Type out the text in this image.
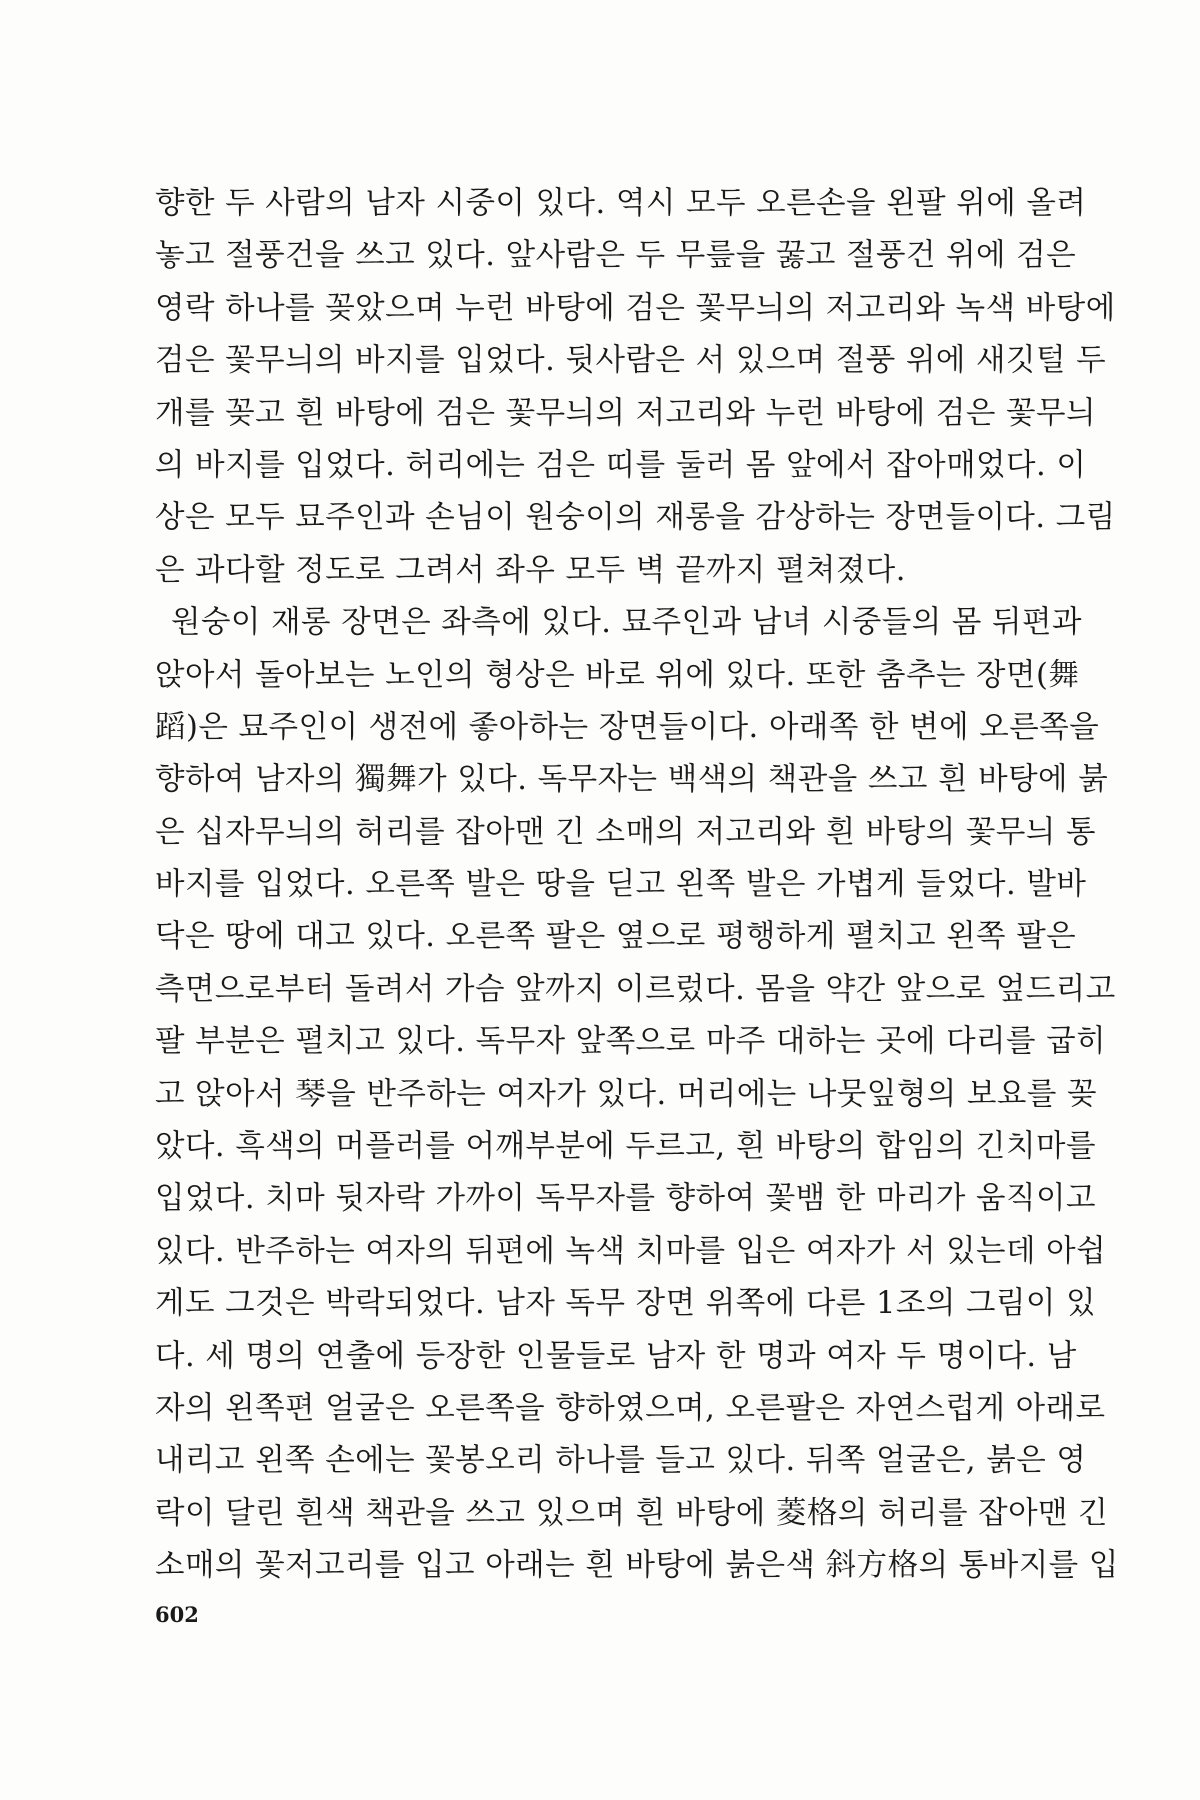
향한 두 사람의 남자 시중이 있다. 역시 모두 오른손을 왼팔 위에 올려
놓고 절풍건을 쓰고 있다. 앞사람은 두 무릎을 꿇고 절풍건 위에 검은
영락 하나를 꽂았으며 누런 바탕에 검은 꽃무늬의 저고리와 녹색 바탕에
검은 꽃무늬의 바지를 입었다. 뒷사람은 서 있으며 절풍 위에 새깃털 두
개를 꽂고 흰 바탕에 검은 꽃무늬의 저고리와 누런 바탕에 검은 꽃무늬
의 바지를 입었다. 허리에는 검은 띠를 둘러 몸 앞에서 잡아매었다. 이
상은 모두 묘주인과 손님이 원숭이의 재롱을 감상하는 장면들이다. 그림
은 과다할 정도로 그려서 좌우 모두 벽 끝까지 펼쳐졌다.
원숭이 재롱 장면은 좌측에 있다. 묘주인과 남녀 시중들의 몸 뒤편과
앉아서 돌아보는 노인의 형상은 바로 위에 있다. 또한 춤추는 장면(舞
蹈)은 묘주인이 생전에 좋아하는 장면들이다. 아래쪽 한 변에 오른쪽을
향하여 남자의 獨舞가 있다. 독무자는 백색의 책관을 쓰고 흰 바탕에 붉
은 십자무늬의 허리를 잡아맨 긴 소매의 저고리와 흰 바탕의 꽃무늬 통
바지를 입었다. 오른쪽 발은 땅을 딛고 왼쪽 발은 가볍게 들었다. 발바
닥은 땅에 대고 있다. 오른쪽 팔은 옆으로 평행하게 펼치고 왼쪽 팔은
측면으로부터 돌려서 가슴 앞까지 이르렀다. 몸을 약간 앞으로 엎드리고
팔 부분은 펼치고 있다. 독무자 앞쪽으로 마주 대하는 곳에 다리를 굽히
고 앉아서 琴을 반주하는 여자가 있다. 머리에는 나뭇잎형의 보요를 꽂
았다. 흑색의 머플러를 어깨부분에 두르고, 흰 바탕의 합임의 긴치마를
입었다. 치마 뒷자락 가까이 독무자를 향하여 꽃뱀 한 마리가 움직이고
있다. 반주하는 여자의 뒤편에 녹색 치마를 입은 여자가 서 있는데 아쉽
게도 그것은 박락되었다. 남자 독무 장면 위쪽에 다른 1조의 그림이 있
다. 세 명의 연출에 등장한 인물들로 남자 한 명과 여자 두 명이다. 남
자의 왼쪽편 얼굴은 오른쪽을 향하였으며, 오른팔은 자연스럽게 아래로
내리고 왼쪽 손에는 꽃봉오리 하나를 들고 있다. 뒤쪽 얼굴은, 붉은 영
락이 달린 흰색 책관을 쓰고 있으며 흰 바탕에 菱格의 허리를 잡아맨 긴
소매의 꽃저고리를 입고 아래는 흰 바탕에 붉은색 斜方格의 통바지를 입
602
